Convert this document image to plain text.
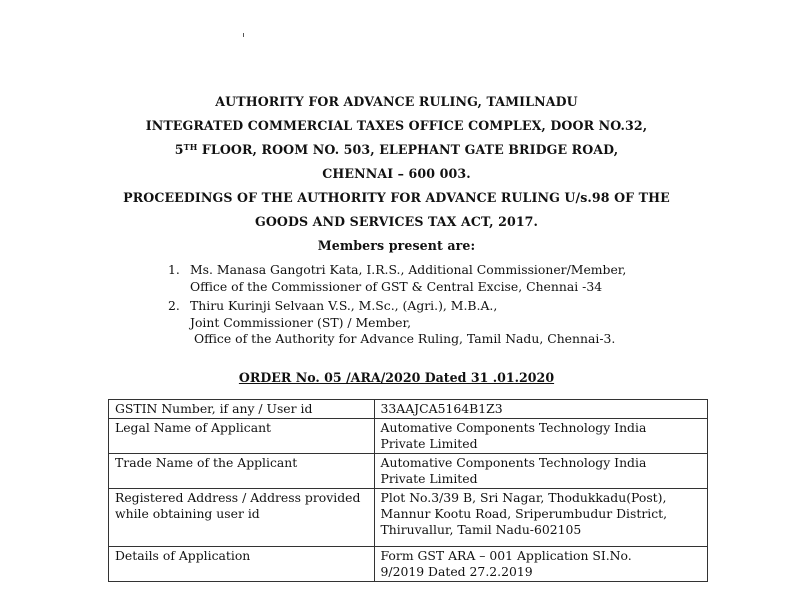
AUTHORITY FOR ADVANCE RULING, TAMILNADU
INTEGRATED COMMERCIAL TAXES OFFICE COMPLEX, DOOR NO.32,
5TH FLOOR, ROOM NO. 503, ELEPHANT GATE BRIDGE ROAD,
CHENNAI – 600 003.
PROCEEDINGS OF THE AUTHORITY FOR ADVANCE RULING U/s.98 OF THE
GOODS AND SERVICES TAX ACT, 2017.
Members present are:
1. Ms. Manasa Gangotri Kata, I.R.S., Additional Commissioner/Member,
Office of the Commissioner of GST & Central Excise, Chennai -34
2. Thiru Kurinji Selvaan V.S., M.Sc., (Agri.), M.B.A.,
Joint Commissioner (ST) / Member,
Office of the Authority for Advance Ruling, Tamil Nadu, Chennai-3.
ORDER No. 05 /ARA/2020 Dated 31 .01.2020
GSTIN Number, if any / User id	33AAJCA5164B1Z3

Legal Name of Applicant	Automative Components Technology India
Private Limited

Trade Name of the Applicant	Automative Components Technology India
Private Limited

Registered Address / Address provided while obtaining user id	Plot No.3/39 B, Sri Nagar, Thodukkadu(Post),
Mannur Kootu Road, Sriperumbudur District,
Thiruvallur, Tamil Nadu-602105

Details of Application	Form GST ARA – 001 Application SI.No.
9/2019 Dated 27.2.2019
